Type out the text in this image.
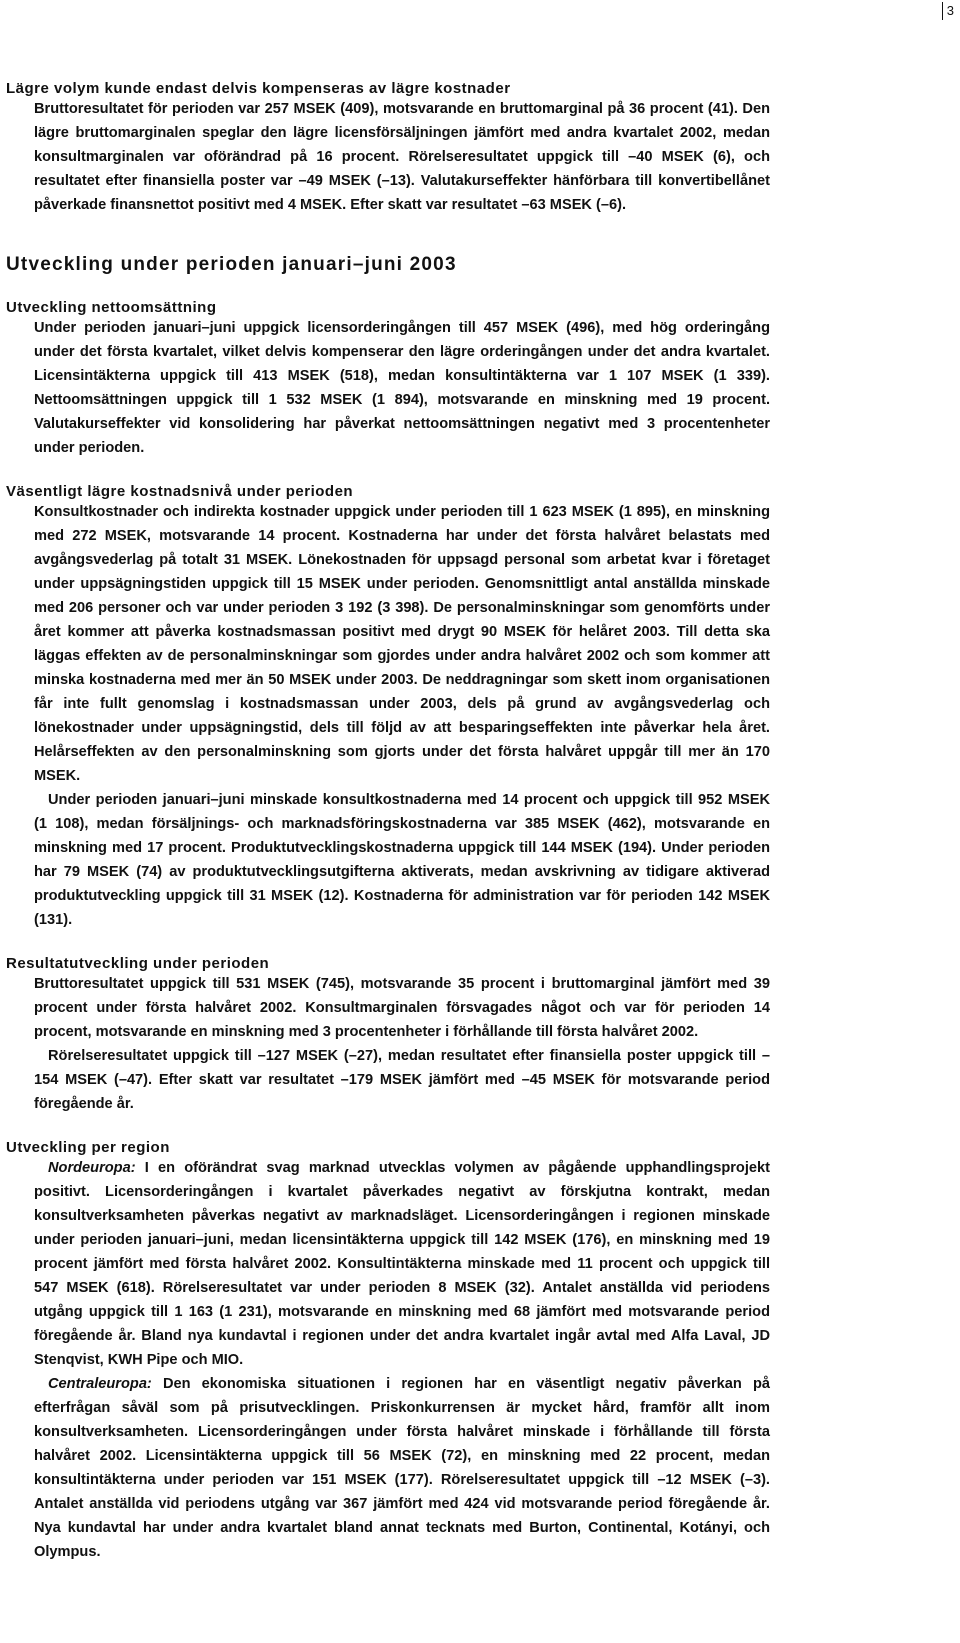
3
Lägre volym kunde endast delvis kompenseras av lägre kostnader

Bruttoresultatet för perioden var 257 MSEK (409), motsvarande en bruttomarginal på 36 procent (41). Den lägre bruttomarginalen speglar den lägre licensförsäljningen jämfört med andra kvartalet 2002, medan konsultmarginalen var oförändrad på 16 procent. Rörelseresultatet uppgick till –40 MSEK (6), och resultatet efter finansiella poster var –49 MSEK (–13). Valutakurseffekter hänförbara till konvertibellånet påverkade finansnettot positivt med 4 MSEK. Efter skatt var resultatet –63 MSEK (–6).

Utveckling under perioden januari–juni 2003
Utveckling nettoomsättning

Under perioden januari–juni uppgick licensorderingången till 457 MSEK (496), med hög orderingång under det första kvartalet, vilket delvis kompenserar den lägre orderingången under det andra kvartalet. Licensintäkterna uppgick till 413 MSEK (518), medan konsultintäkterna var 1 107 MSEK (1 339). Nettoomsättningen uppgick till 1 532 MSEK (1 894), motsvarande en minskning med 19 procent. Valutakurseffekter vid konsolidering har påverkat nettoomsättningen negativt med 3 procentenheter under perioden.

Väsentligt lägre kostnadsnivå under perioden

Konsultkostnader och indirekta kostnader uppgick under perioden till 1 623 MSEK (1 895), en minskning med 272 MSEK, motsvarande 14 procent. Kostnaderna har under det första halvåret belastats med avgångsvederlag på totalt 31 MSEK. Lönekostnaden för uppsagd personal som arbetat kvar i företaget under uppsägningstiden uppgick till 15 MSEK under perioden. Genomsnittligt antal anställda minskade med 206 personer och var under perioden 3 192 (3 398). De personalminskningar som genomförts under året kommer att påverka kostnadsmassan positivt med drygt 90 MSEK för helåret 2003. Till detta ska läggas effekten av de personalminskningar som gjordes under andra halvåret 2002 och som kommer att minska kostnaderna med mer än 50 MSEK under 2003. De neddragningar som skett inom organisationen får inte fullt genomslag i kostnadsmassan under 2003, dels på grund av avgångsvederlag och lönekostnader under uppsägningstid, dels till följd av att besparingseffekten inte påverkar hela året. Helårseffekten av den personalminskning som gjorts under det första halvåret uppgår till mer än 170 MSEK.

Under perioden januari–juni minskade konsultkostnaderna med 14 procent och uppgick till 952 MSEK (1 108), medan försäljnings- och marknadsföringskostnaderna var 385 MSEK (462), motsvarande en minskning med 17 procent. Produktutvecklingskostnaderna uppgick till 144 MSEK (194). Under perioden har 79 MSEK (74) av produktutvecklingsutgifterna aktiverats, medan avskrivning av tidigare aktiverad produktutveckling uppgick till 31 MSEK (12). Kostnaderna för administration var för perioden 142 MSEK (131).

Resultatutveckling under perioden

Bruttoresultatet uppgick till 531 MSEK (745), motsvarande 35 procent i bruttomarginal jämfört med 39 procent under första halvåret 2002. Konsultmarginalen försvagades något och var för perioden 14 procent, motsvarande en minskning med 3 procentenheter i förhållande till första halvåret 2002.

Rörelseresultatet uppgick till –127 MSEK (–27), medan resultatet efter finansiella poster uppgick till –154 MSEK (–47). Efter skatt var resultatet –179 MSEK jämfört med –45 MSEK för motsvarande period föregående år.

Utveckling per region

Nordeuropa: I en oförändrat svag marknad utvecklas volymen av pågående upphandlingsprojekt positivt. Licensorderingången i kvartalet påverkades negativt av förskjutna kontrakt, medan konsultverksamheten påverkas negativt av marknadsläget. Licensorderingången i regionen minskade under perioden januari–juni, medan licensintäkterna uppgick till 142 MSEK (176), en minskning med 19 procent jämfört med första halvåret 2002. Konsultintäkterna minskade med 11 procent och uppgick till 547 MSEK (618). Rörelseresultatet var under perioden 8 MSEK (32). Antalet anställda vid periodens utgång uppgick till 1 163 (1 231), motsvarande en minskning med 68 jämfört med motsvarande period föregående år. Bland nya kundavtal i regionen under det andra kvartalet ingår avtal med Alfa Laval, JD Stenqvist, KWH Pipe och MIO.

Centraleuropa: Den ekonomiska situationen i regionen har en väsentligt negativ påverkan på efterfrågan såväl som på prisutvecklingen. Priskonkurrensen är mycket hård, framför allt inom konsultverksamheten. Licensorderingången under första halvåret minskade i förhållande till första halvåret 2002. Licensintäkterna uppgick till 56 MSEK (72), en minskning med 22 procent, medan konsultintäkterna under perioden var 151 MSEK (177). Rörelseresultatet uppgick till –12 MSEK (–3). Antalet anställda vid periodens utgång var 367 jämfört med 424 vid motsvarande period föregående år. Nya kundavtal har under andra kvartalet bland annat tecknats med Burton, Continental, Kotányi, och Olympus.
